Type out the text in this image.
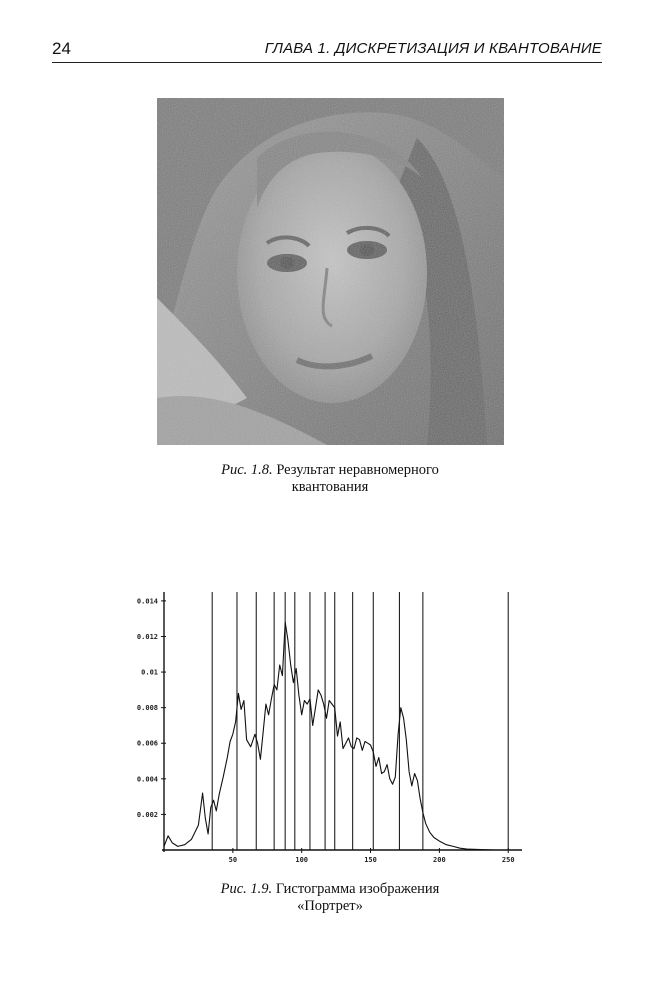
24	ГЛАВА 1. ДИСКРЕТИЗАЦИЯ И КВАНТОВАНИЕ
Рис. 1.8. Результат неравномерного
квантования
0.002
0.004
0.006
0.008
0.01
0.012
0.014
50	100	150	200	250
Рис. 1.9. Гистограмма изображения
«Портрет»
